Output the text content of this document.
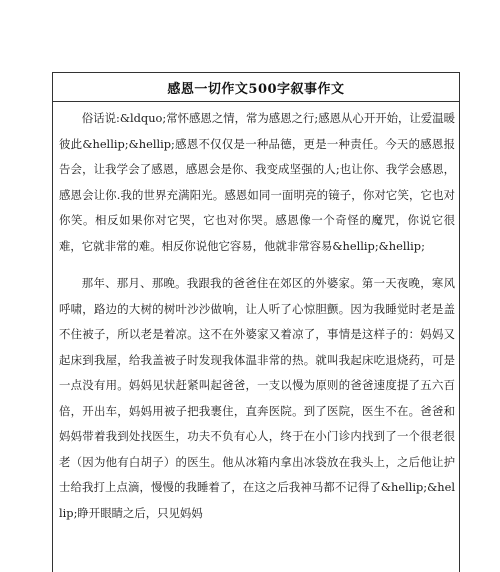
感恩一切作文500字叙事作文

俗话说:&ldquo;常怀感恩之情，常为感恩之行;感恩从心开开始，让爱温暖彼此&hellip;&hellip;感恩不仅仅是一种品德，更是一种责任。今天的感恩报告会，让我学会了感恩，感恩会是你、我变成坚强的人;也让你、我学会感恩，感恩会让你.我的世界充满阳光。感恩如同一面明亮的镜子，你对它笑，它也对你笑。相反如果你对它哭，它也对你哭。感恩像一个奇怪的魔咒，你说它很难，它就非常的难。相反你说他它容易，他就非常容易&hellip;&hellip;

那年、那月、那晚。我跟我的爸爸住在郊区的外婆家。第一天夜晚，寒风呼啸，路边的大树的树叶沙沙做响，让人听了心惊胆颤。因为我睡觉时老是盖不住被子，所以老是着凉。这不在外婆家又着凉了，事情是这样子的：妈妈又起床到我屋，给我盖被子时发现我体温非常的热。就叫我起床吃退烧药，可是一点没有用。妈妈见状赶紧叫起爸爸，一支以慢为原则的爸爸速度提了五六百倍，开出车，妈妈用被子把我裹住，直奔医院。到了医院，医生不在。爸爸和妈妈带着我到处找医生，功夫不负有心人，终于在小门诊内找到了一个很老很老（因为他有白胡子）的医生。他从冰箱内拿出冰袋放在我头上，之后他让护士给我打上点滴，慢慢的我睡着了，在这之后我神马都不记得了&hellip;&hellip;睁开眼睛之后，只见妈妈
